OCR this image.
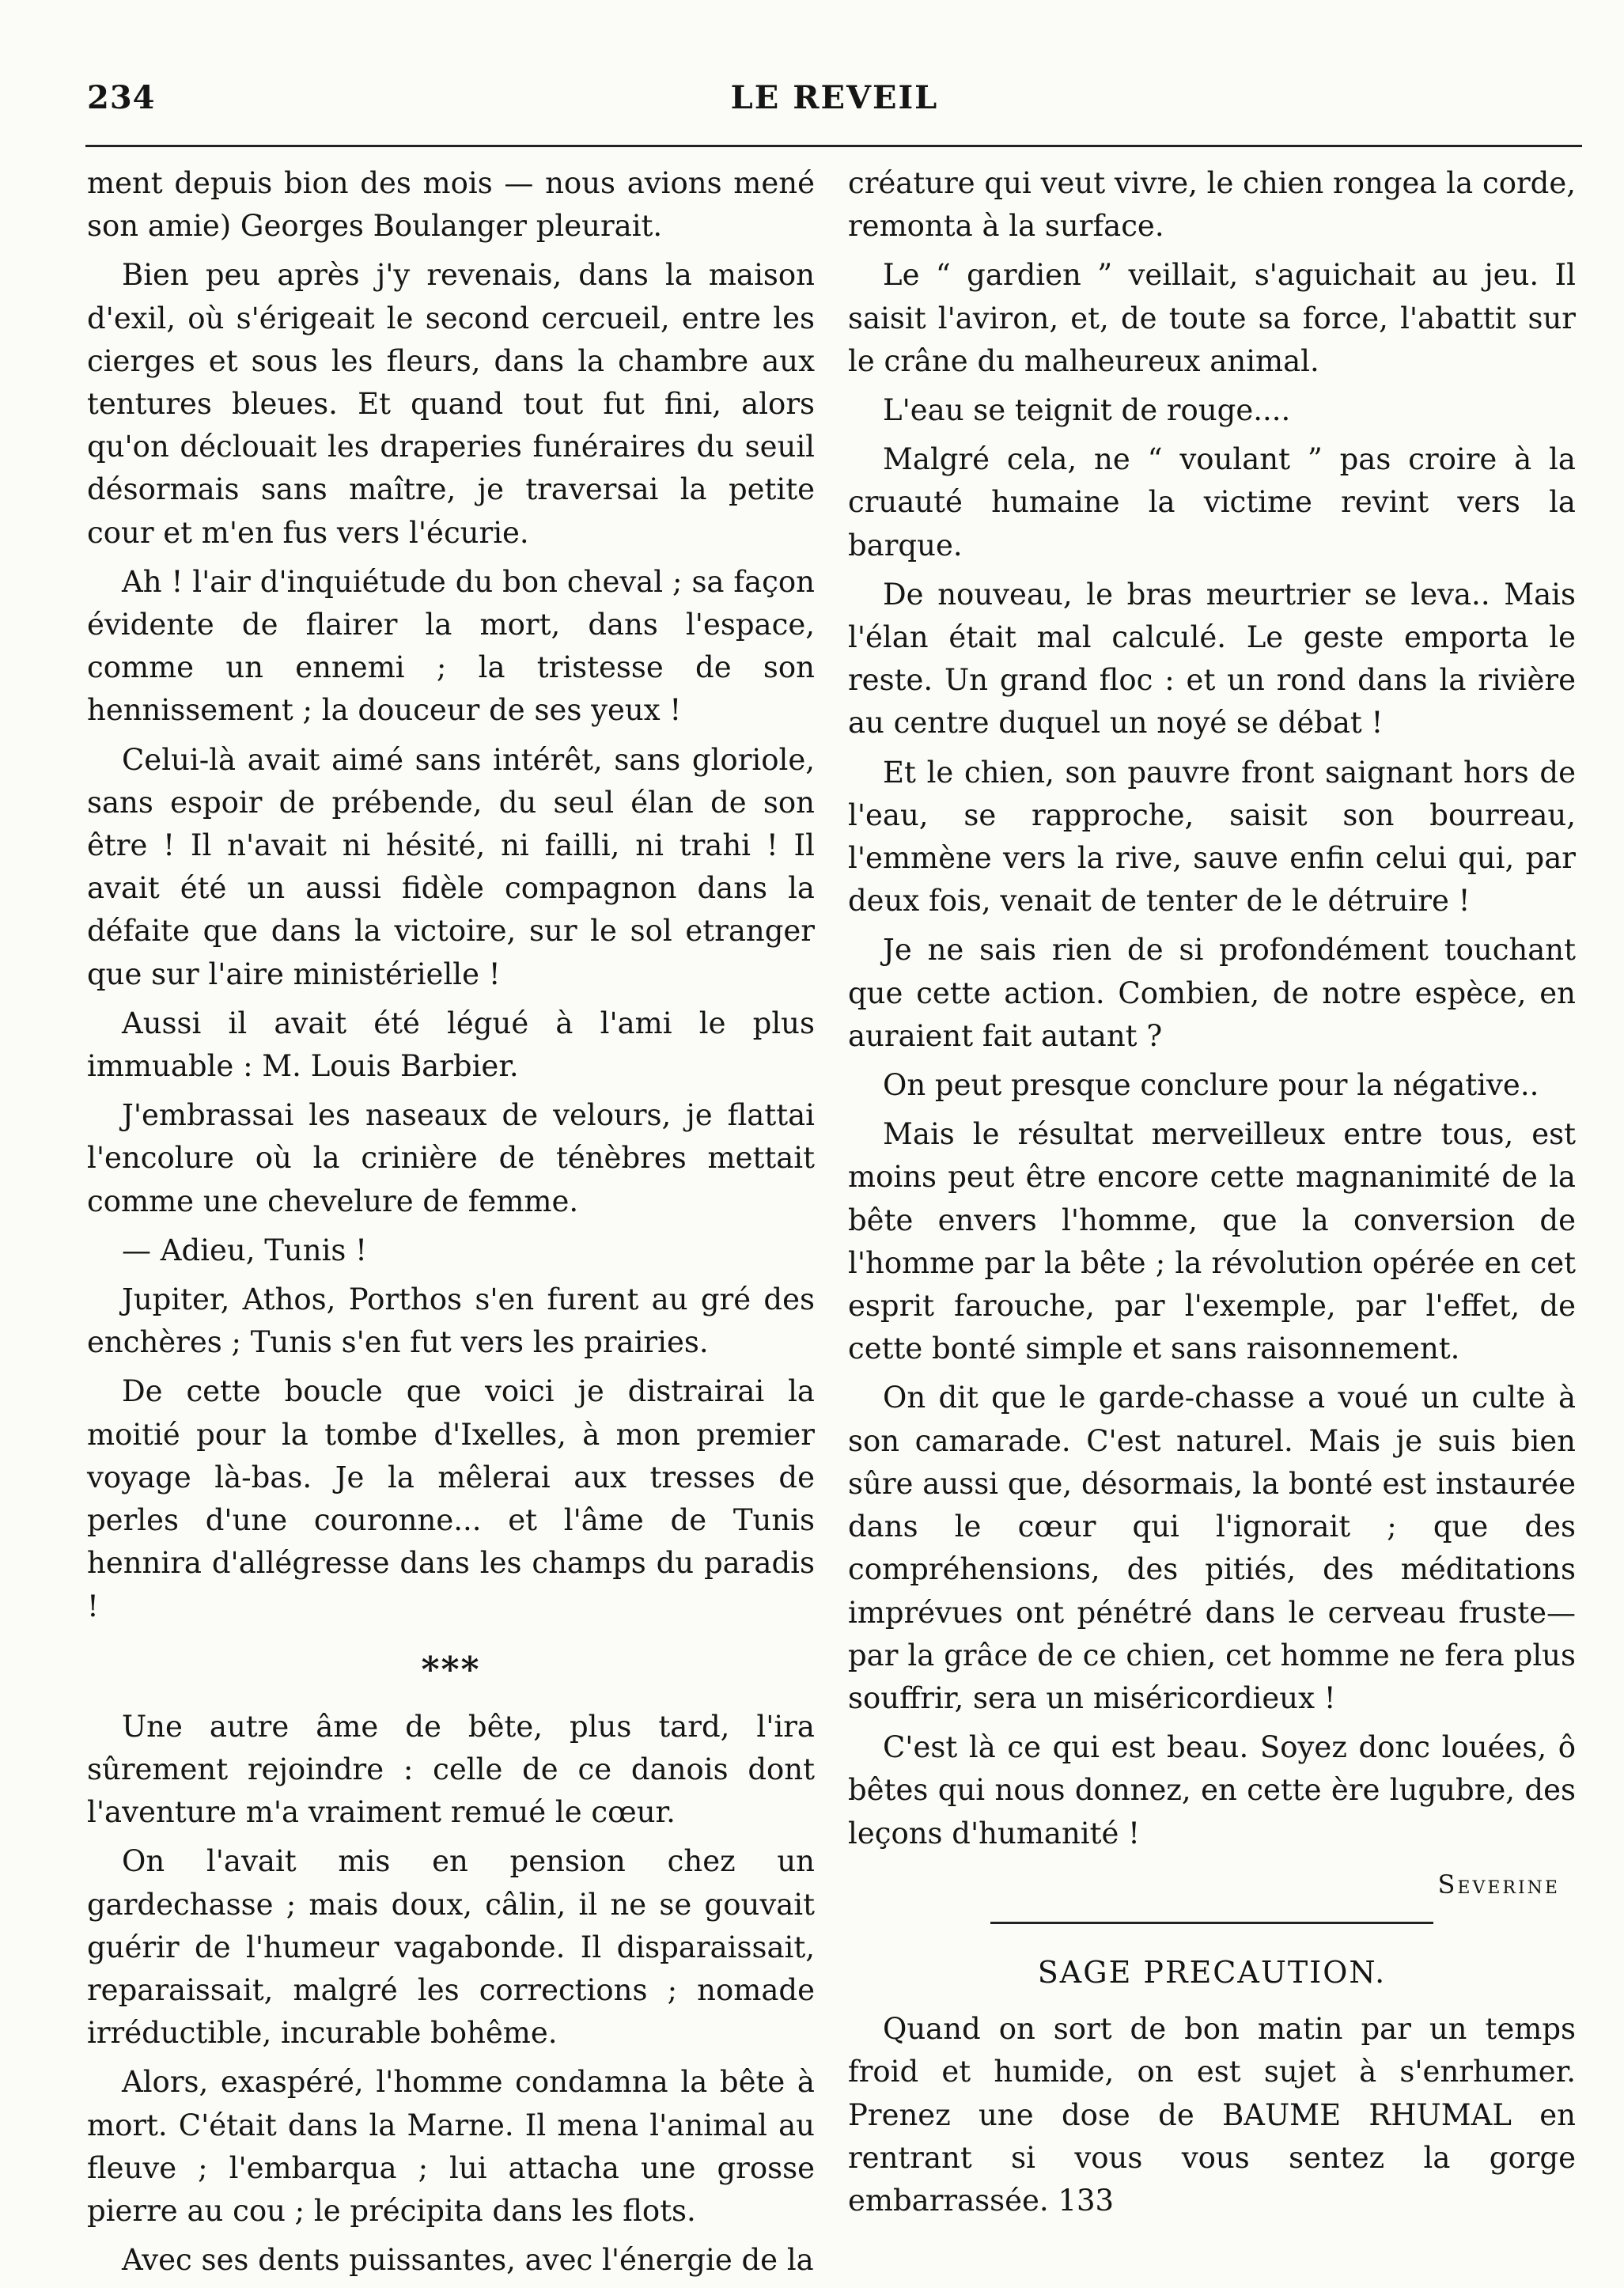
234	LE REVEIL

ment depuis bion des mois — nous avions mené son amie) Georges Boulanger pleurait.

Bien peu après j'y revenais, dans la maison d'exil, où s'érigeait le second cercueil, entre les cierges et sous les fleurs, dans la chambre aux tentures bleues. Et quand tout fut fini, alors qu'on déclouait les draperies funéraires du seuil désormais sans maître, je traversai la petite cour et m'en fus vers l'écurie.

Ah ! l'air d'inquiétude du bon cheval ; sa façon évidente de flairer la mort, dans l'espace, comme un ennemi ; la tristesse de son hennissement ; la douceur de ses yeux !

Celui-là avait aimé sans intérêt, sans gloriole, sans espoir de prébende, du seul élan de son être ! Il n'avait ni hésité, ni failli, ni trahi ! Il avait été un aussi fidèle compagnon dans la défaite que dans la victoire, sur le sol etranger que sur l'aire ministérielle !

Aussi il avait été légué à l'ami le plus immuable : M. Louis Barbier.

J'embrassai les naseaux de velours, je flattai l'encolure où la crinière de ténèbres mettait comme une chevelure de femme.

— Adieu, Tunis !

Jupiter, Athos, Porthos s'en furent au gré des enchères ; Tunis s'en fut vers les prairies.

De cette boucle que voici je distrairai la moitié pour la tombe d'Ixelles, à mon premier voyage là-bas. Je la mêlerai aux tresses de perles d'une couronne... et l'âme de Tunis hennira d'allégresse dans les champs du paradis !

***

Une autre âme de bête, plus tard, l'ira sûrement rejoindre : celle de ce danois dont l'aventure m'a vraiment remué le cœur.

On l'avait mis en pension chez un gardechasse ; mais doux, câlin, il ne se gouvait guérir de l'humeur vagabonde. Il disparaissait, reparaissait, malgré les corrections ; nomade irréductible, incurable bohême.

Alors, exaspéré, l'homme condamna la bête à mort. C'était dans la Marne. Il mena l'animal au fleuve ; l'embarqua ; lui attacha une grosse pierre au cou ; le précipita dans les flots.

Avec ses dents puissantes, avec l'énergie de la

créature qui veut vivre, le chien rongea la corde, remonta à la surface.

Le “ gardien ” veillait, s'aguichait au jeu. Il saisit l'aviron, et, de toute sa force, l'abattit sur le crâne du malheureux animal.

L'eau se teignit de rouge....

Malgré cela, ne “ voulant ” pas croire à la cruauté humaine la victime revint vers la barque.

De nouveau, le bras meurtrier se leva.. Mais l'élan était mal calculé. Le geste emporta le reste. Un grand floc : et un rond dans la rivière au centre duquel un noyé se débat !

Et le chien, son pauvre front saignant hors de l'eau, se rapproche, saisit son bourreau, l'emmène vers la rive, sauve enfin celui qui, par deux fois, venait de tenter de le détruire !

Je ne sais rien de si profondément touchant que cette action. Combien, de notre espèce, en auraient fait autant ?

On peut presque conclure pour la négative..

Mais le résultat merveilleux entre tous, est moins peut être encore cette magnanimité de la bête envers l'homme, que la conversion de l'homme par la bête ; la révolution opérée en cet esprit farouche, par l'exemple, par l'effet, de cette bonté simple et sans raisonnement.

On dit que le garde-chasse a voué un culte à son camarade. C'est naturel. Mais je suis bien sûre aussi que, désormais, la bonté est instaurée dans le cœur qui l'ignorait ; que des compréhensions, des pitiés, des méditations imprévues ont pénétré dans le cerveau fruste—par la grâce de ce chien, cet homme ne fera plus souffrir, sera un miséricordieux !

C'est là ce qui est beau. Soyez donc louées, ô bêtes qui nous donnez, en cette ère lugubre, des leçons d'humanité !

Severine
SAGE PRECAUTION.

Quand on sort de bon matin par un temps froid et humide, on est sujet à s'enrhumer. Prenez une dose de BAUME RHUMAL en rentrant si vous vous sentez la gorge embarrassée. 133
